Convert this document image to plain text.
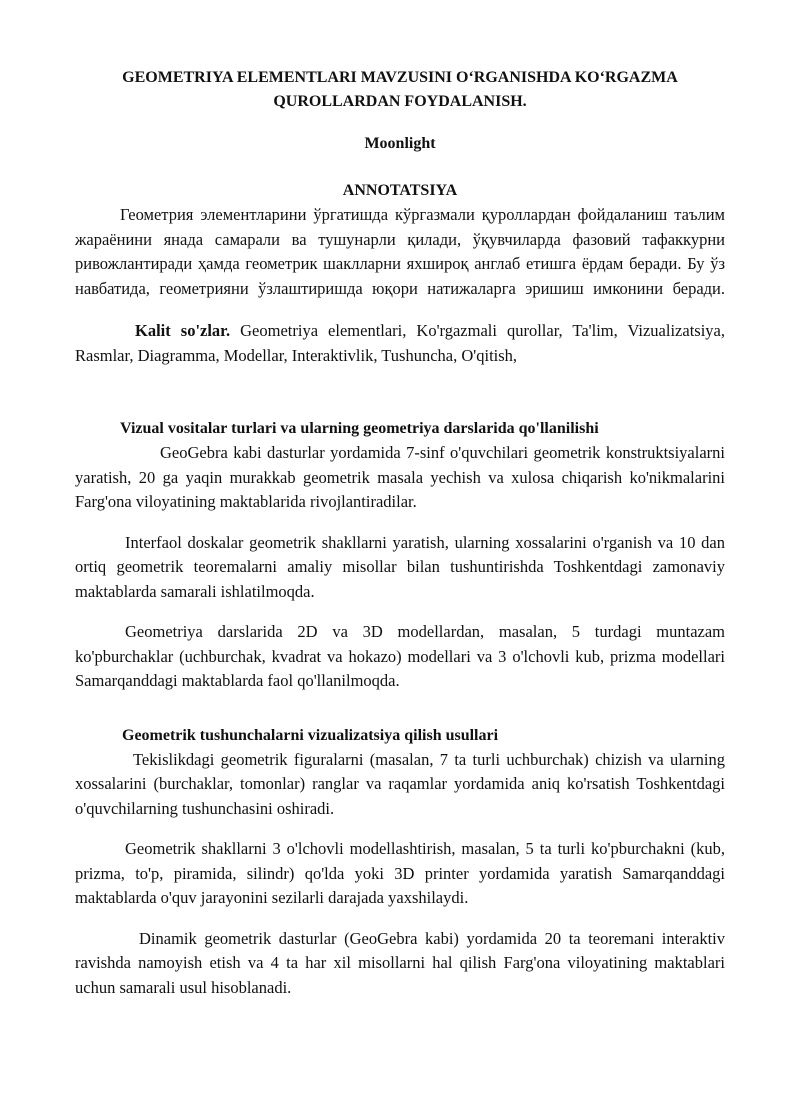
GEOMETRIYA ELEMENTLARI MAVZUSINI O‘RGANISHDA KO‘RGAZMA QUROLLARDAN FOYDALANISH.
Moonlight
ANNOTATSIYA

Геометрия элементларини ўргатишда кўргазмали қуроллардан фойдаланиш таълим жараёнини янада самарали ва тушунарли қилади, ўқувчиларда фазовий тафаккурни ривожлантиради ҳамда геометрик шаклларни яхшироқ англаб етишга ёрдам беради. Бу ўз навбатида, геометрияни ўзлаштиришда юқори натижаларга эришиш имконини беради.

Kalit so'zlar. Geometriya elementlari, Ko'rgazmali qurollar, Ta'lim, Vizualizatsiya, Rasmlar, Diagramma, Modellar, Interaktivlik, Tushuncha, O'qitish,

Vizual vositalar turlari va ularning geometriya darslarida qo'llanilishi

GeoGebra kabi dasturlar yordamida 7-sinf o'quvchilari geometrik konstruktsiyalarni yaratish, 20 ga yaqin murakkab geometrik masala yechish va xulosa chiqarish ko'nikmalarini Farg'ona viloyatining maktablarida rivojlantiradilar.

Interfaol doskalar geometrik shakllarni yaratish, ularning xossalarini o'rganish va 10 dan ortiq geometrik teoremalarni amaliy misollar bilan tushuntirishda Toshkentdagi zamonaviy maktablarda samarali ishlatilmoqda.

Geometriya darslarida 2D va 3D modellardan, masalan, 5 turdagi muntazam ko'pburchaklar (uchburchak, kvadrat va hokazo) modellari va 3 o'lchovli kub, prizma modellari Samarqanddagi maktablarda faol qo'llanilmoqda.

Geometrik tushunchalarni vizualizatsiya qilish usullari

Tekislikdagi geometrik figuralarni (masalan, 7 ta turli uchburchak) chizish va ularning xossalarini (burchaklar, tomonlar) ranglar va raqamlar yordamida aniq ko'rsatish Toshkentdagi o'quvchilarning tushunchasini oshiradi.

Geometrik shakllarni 3 o'lchovli modellashtirish, masalan, 5 ta turli ko'pburchakni (kub, prizma, to'p, piramida, silindr) qo'lda yoki 3D printer yordamida yaratish Samarqanddagi maktablarda o'quv jarayonini sezilarli darajada yaxshilaydi.

Dinamik geometrik dasturlar (GeoGebra kabi) yordamida 20 ta teoremani interaktiv ravishda namoyish etish va 4 ta har xil misollarni hal qilish Farg'ona viloyatining maktablari uchun samarali usul hisoblanadi.
